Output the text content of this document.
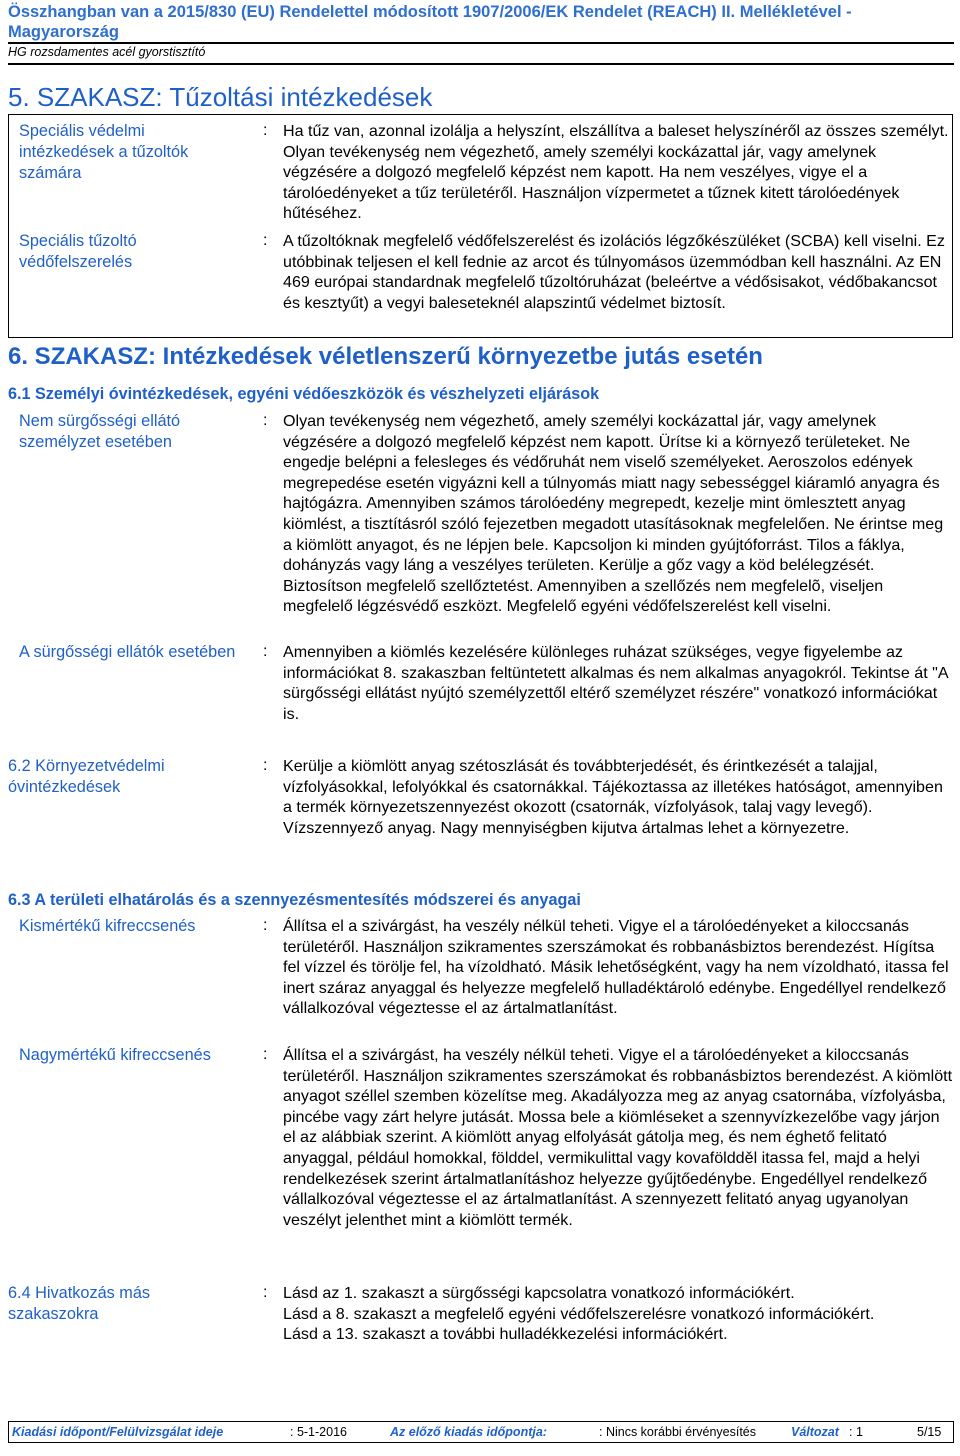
Összhangban van a 2015/830 (EU) Rendelettel módosított 1907/2006/EK Rendelet (REACH) II. Mellékletével - Magyarország
HG rozsdamentes acél gyorstisztító
5. SZAKASZ: Tűzoltási intézkedések
Speciális védelmi intézkedések a tűzoltók számára
: Ha tűz van, azonnal izolálja a helyszínt, elszállítva a baleset helyszínéről az összes személyt. Olyan tevékenység nem végezhető, amely személyi kockázattal jár, vagy amelynek végzésére a dolgozó megfelelő képzést nem kapott. Ha nem veszélyes, vigye el a tárolóedényeket a tűz területéről. Használjon vízpermetet a tűznek kitett tárolóedények hűtéséhez.
Speciális tűzoltó védőfelszerelés
: A tűzoltóknak megfelelő védőfelszerelést és izolációs légzőkészüléket (SCBA) kell viselni. Ez utóbbinak teljesen el kell fednie az arcot és túlnyomásos üzemmódban kell használni. Az EN 469 európai standardnak megfelelő tűzoltóruházat (beleértve a védősisakot, védőbakancsot és kesztyűt) a vegyi baleseteknél alapszintű védelmet biztosít.
6. SZAKASZ: Intézkedések véletlenszerű környezetbe jutás esetén
6.1 Személyi óvintézkedések, egyéni védőeszközök és vészhelyzeti eljárások
Nem sürgősségi ellátó személyzet esetében
: Olyan tevékenység nem végezhető, amely személyi kockázattal jár, vagy amelynek végzésére a dolgozó megfelelő képzést nem kapott. Ürítse ki a környező területeket. Ne engedje belépni a felesleges és védőruhát nem viselő személyeket. Aeroszolos edények megrepedése esetén vigyázni kell a túlnyomás miatt nagy sebességgel kiáramló anyagra és hajtógázra. Amennyiben számos tárolóedény megrepedt, kezelje mint ömlesztett anyag kiömlést, a tisztításról szóló fejezetben megadott utasításoknak megfelelően. Ne érintse meg a kiömlött anyagot, és ne lépjen bele. Kapcsoljon ki minden gyújtóforrást. Tilos a fáklya, dohányzás vagy láng a veszélyes területen. Kerülje a gőz vagy a köd belélegzését. Biztosítson megfelelő szellőztetést. Amennyiben a szellőzés nem megfelelõ, viseljen megfelelő légzésvédő eszközt. Megfelelő egyéni védőfelszerelést kell viselni.
A sürgősségi ellátók esetében : Amennyiben a kiömlés kezelésére különleges ruházat szükséges, vegye figyelembe az információkat 8. szakaszban feltüntetett alkalmas és nem alkalmas anyagokról. Tekintse át "A sürgősségi ellátást nyújtó személyzettől eltérő személyzet részére" vonatkozó információkat is.
6.2 Környezetvédelmi óvintézkedések
: Kerülje a kiömlött anyag szétoszlását és továbbterjedését, és érintkezését a talajjal, vízfolyásokkal, lefolyókkal és csatornákkal. Tájékoztassa az illetékes hatóságot, amennyiben a termék környezetszennyezést okozott (csatornák, vízfolyások, talaj vagy levegő). Vízszennyező anyag. Nagy mennyiségben kijutva ártalmas lehet a környezetre.
6.3 A területi elhatárolás és a szennyezésmentesítés módszerei és anyagai
Kismértékű kifreccsenés	: Állítsa el a szivárgást, ha veszély nélkül teheti. Vigye el a tárolóedényeket a kiloccsanás területéről. Használjon szikramentes szerszámokat és robbanásbiztos berendezést. Hígítsa fel vízzel és törölje fel, ha vízoldható. Másik lehetőségként, vagy ha nem vízoldható, itassa fel inert száraz anyaggal és helyezze megfelelő hulladéktároló edénybe. Engedéllyel rendelkező vállalkozóval végeztesse el az ártalmatlanítást.
Nagymértékű kifreccsenés	: Állítsa el a szivárgást, ha veszély nélkül teheti. Vigye el a tárolóedényeket a kiloccsanás területéről. Használjon szikramentes szerszámokat és robbanásbiztos berendezést. A kiömlött anyagot széllel szemben közelítse meg. Akadályozza meg az anyag csatornába, vízfolyásba, pincébe vagy zárt helyre jutását. Mossa bele a kiömléseket a szennyvízkezelőbe vagy járjon el az alábbiak szerint. A kiömlött anyag elfolyását gátolja meg, és nem éghető felitató anyaggal, például homokkal, földdel, vermikulittal vagy kovaföldděl itassa fel, majd a helyi rendelkezések szerint ártalmatlanításhoz helyezze gyűjtőedénybe. Engedéllyel rendelkező vállalkozóval végeztesse el az ártalmatlanítást. A szennyezett felitató anyag ugyanolyan veszélyt jelenthet mint a kiömlött termék.
6.4 Hivatkozás más szakaszokra
: Lásd az 1. szakaszt a sürgősségi kapcsolatra vonatkozó információkért.
Lásd a 8. szakaszt a megfelelő egyéni védőfelszerelésre vonatkozó információkért.
Lásd a 13. szakaszt a további hulladékkezelési információkért.
Kiadási időpont/Felülvizsgálat ideje	: 5-1-2016	Az előző kiadás időpontja:	: Nincs korábbi érvényesítés	Változat : 1	5/15
